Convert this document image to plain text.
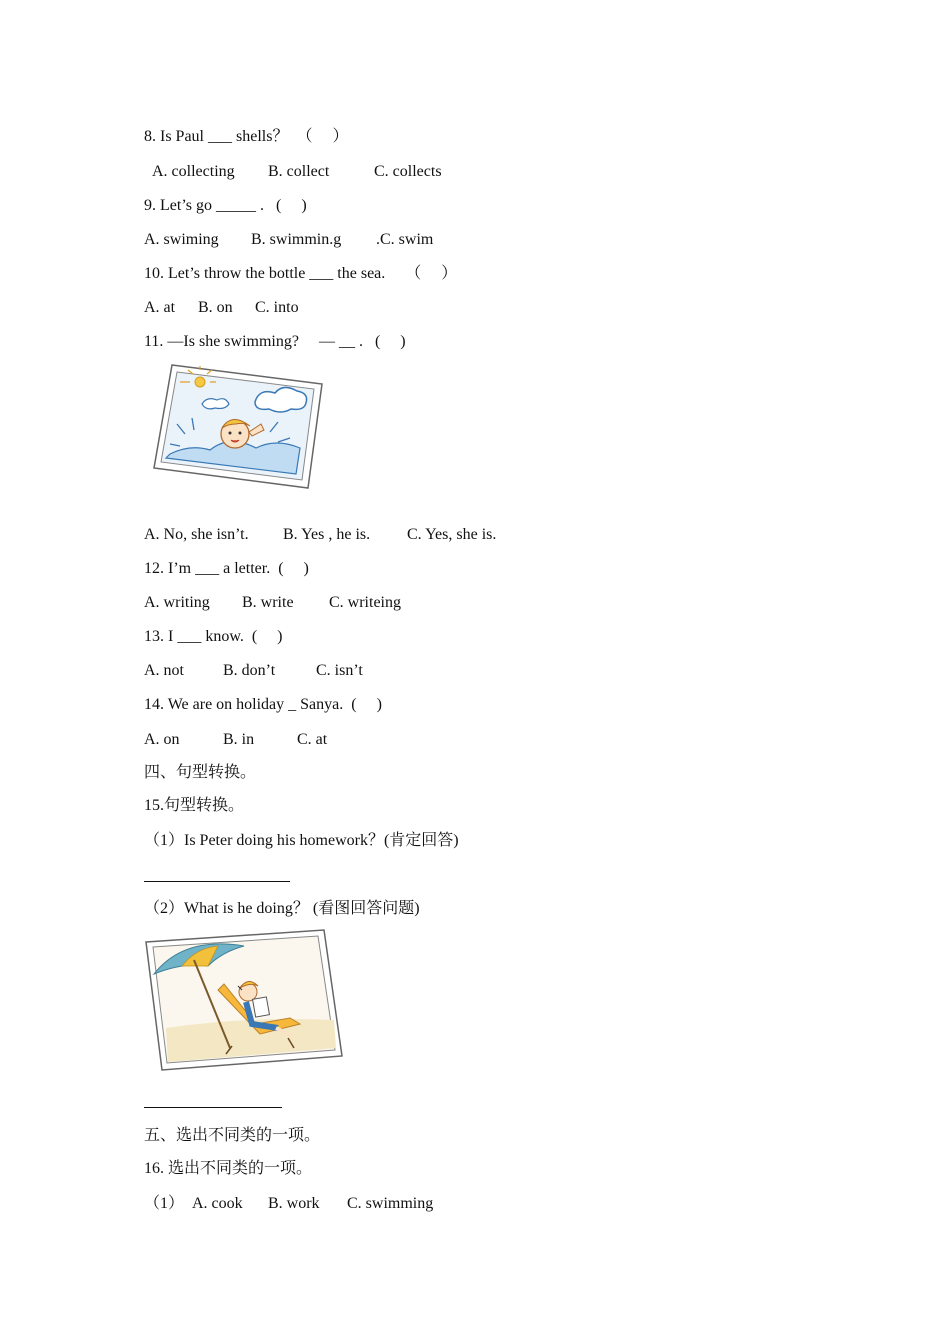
8. Is Paul ___ shells？  （     ）
A. collecting B. collect	C. collects
9. Let’s go _____ .   (     )
A. swiming B. swimmin.g .C. swim
10. Let’s throw the bottle ___ the sea.     （     ）
A. at B. on C. into
11. —Is she swimming?     — __ .   (     )
A. No, she isn’t. B. Yes , he is. C. Yes, she is.
12. I’m ___ a letter.  (     )
A. writing B. write C. writeing
13. I ___ know.  (     )
A. not B. don’t	C. isn’t
14. We are on holiday _ Sanya.  (     )
A. on	B. in	C. at
四、句型转换。
15.句型转换。
（1）Is Peter doing his homework？(肯定回答)
（2）What is he doing？ (看图回答问题)
五、选出不同类的一项。
16. 选出不同类的一项。
（1）  A. cook B. work C. swimming
